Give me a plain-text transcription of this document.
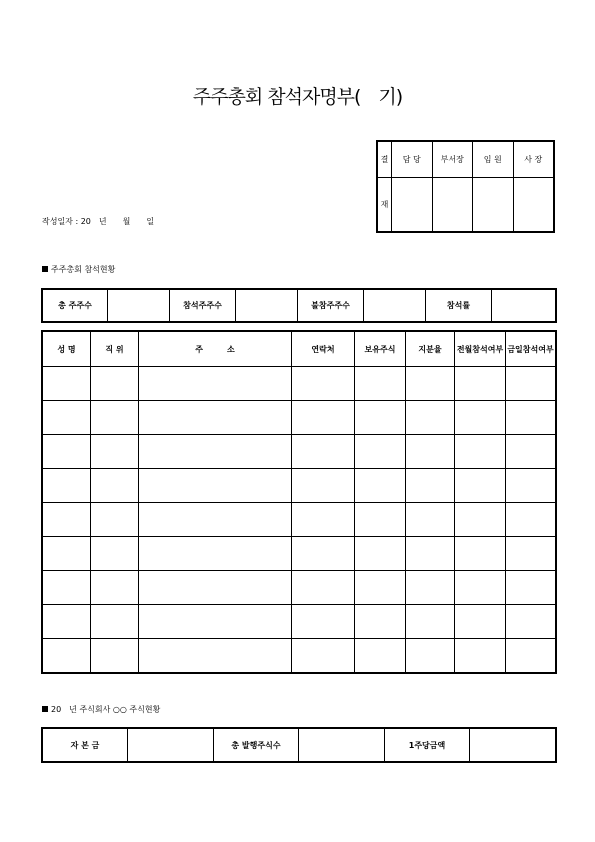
주주총회 참석자명부(　기)
결	담 당	부서장	임 원	사 장
재				
작성일자 : 20　년　　월　　일
주주총회 참석현황
총 주주수		참석주주수		불참주주수		참석률	
성 명	직 위	주　　　소	연락처	보유주식	지분율	전월참석여부	금일참석여부

20　년 주식회사 ○○ 주식현황
자 본 금		총 발행주식수		1주당금액	
